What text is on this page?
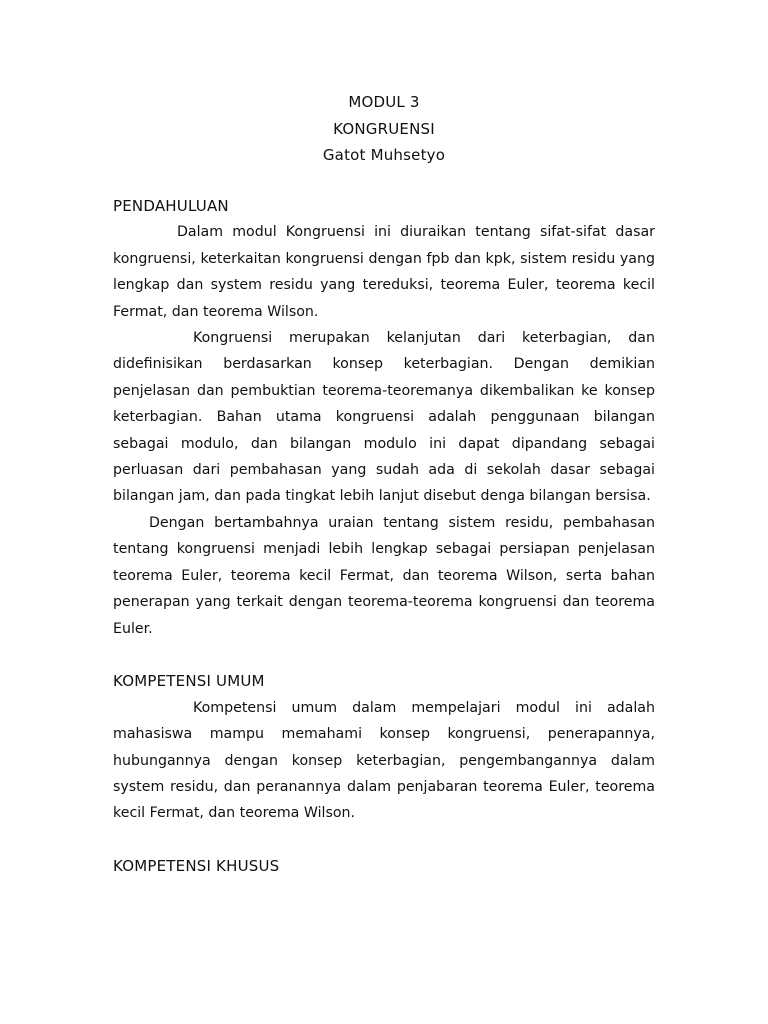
MODUL 3
KONGRUENSI
Gatot Muhsetyo
PENDAHULUAN

Dalam modul Kongruensi ini diuraikan tentang sifat-sifat dasar kongruensi, keterkaitan kongruensi dengan fpb dan kpk, sistem residu yang lengkap dan system residu yang tereduksi, teorema Euler, teorema kecil Fermat, dan teorema Wilson.

Kongruensi merupakan kelanjutan dari keterbagian, dan didefinisikan berdasarkan konsep keterbagian. Dengan demikian penjelasan dan pembuktian teorema-teoremanya dikembalikan ke konsep keterbagian. Bahan utama kongruensi adalah penggunaan bilangan sebagai modulo, dan bilangan modulo ini dapat dipandang sebagai perluasan dari pembahasan yang sudah ada di sekolah dasar sebagai bilangan jam, dan pada tingkat lebih lanjut disebut denga bilangan bersisa.

Dengan bertambahnya uraian tentang sistem residu, pembahasan tentang kongruensi menjadi lebih lengkap sebagai persiapan penjelasan teorema Euler, teorema kecil Fermat, dan teorema Wilson, serta bahan penerapan yang terkait dengan teorema-teorema kongruensi dan teorema Euler.

KOMPETENSI UMUM

Kompetensi umum dalam mempelajari modul ini adalah mahasiswa mampu memahami konsep kongruensi, penerapannya, hubungannya dengan konsep keterbagian, pengembangannya dalam system residu, dan peranannya dalam penjabaran teorema Euler, teorema kecil Fermat, dan teorema Wilson.

KOMPETENSI KHUSUS
